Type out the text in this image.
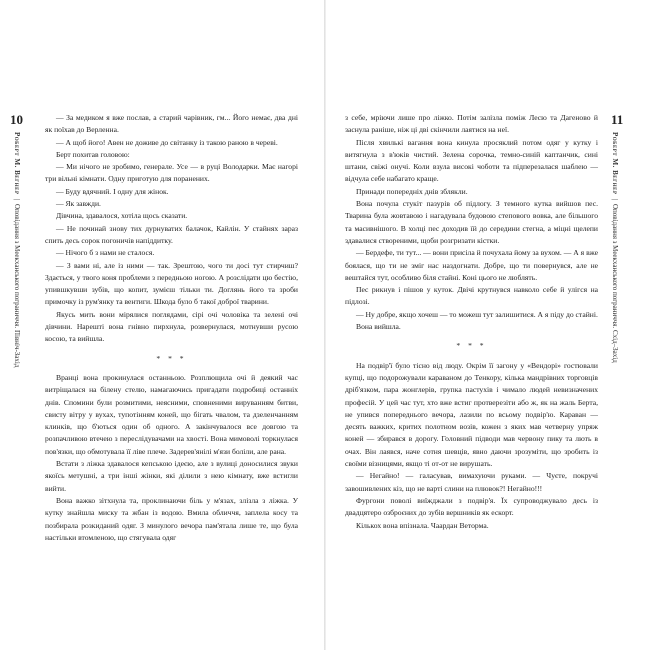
10
Роберт М. Вегнер|Оповідання з Меекханського пограниччя. Північ-Захід

— За медиком я вже послав, а старий чарівник, гм... Його немає, два дні як поїхав до Верленна.

— А щоб його! Авен не доживе до світанку із такою раною в череві.

Берт похитав головою:

— Ми нічого не зробимо, генерале. Усе — в руці Володарки. Має нагорі три вільні кімнати. Одну приготую для поранених.

— Буду вдячний. І одну для жінок.

— Як завжди.

Дівчина, здавалося, хотіла щось сказати.

— Не починай знову тих дурнуватих балачок, Кайлін. У стайнях зараз спить десь сорок погоничів напіддитку.

— Нічого б з нами не сталося.

— З вами ні, але із ними — так. Зрештою, чого ти досі тут стирчиш? Здається, у твого коня проблеми з передньою ногою. А розслідати цю бестію, упившкувши зубів, що копит, зумієш тільки ти. Доглянь його та зроби примочку із рум'янку та вентиги. Шкода було б такої доброї тварини.

Якусь мить вони мірялися поглядами, сірі очі чоловіка та зелені очі дівчини. Нарешті вона гнівно пирхнула, розвернулася, мотнувши русою косою, та вийшла.

* * *

Вранці вона прокинулася останньою. Розплющила очі й деякий час витріщалася на білену стелю, намагаючись пригадати подробиці останніх днів. Спомини були розмитими, неясними, сповненими вируванням битви, свисту вітру у вухах, тупотінням коней, що бігать чвалом, та дзеленчанням клинків, що б'ються один об одного. А закінчувалося все довгою та розпачливою втечею з переслідувачами на хвості. Вона мимоволі торкнулася пов'язки, що обмотувала її ліве плече. Задерев'янілі м'язи боліли, але рана.

Встати з ліжка здавалося кепською ідеєю, але з вулиці доносилися звуки якоїсь метушні, а три інші жінки, які ділили з нею кімнату, вже встигли вийти.

Вона важко зітхнула та, проклинаючи біль у м'язах, злізла з ліжка. У кутку знайшла миску та жбан із водою. Вмила обличчя, заплела косу та позбирала розкиданий одяг. З минулого вечора пам'ятала лише те, що була настільки втомленою, що стягувала одяг

11
Роберт М. Вегнер|Оповідання з Меекханського пограниччя. Схід–Захід

з себе, мріючи лише про ліжко. Потім залізла поміж Лесю та Дагеново й заснула раніше, ніж ці дві скінчили лаятися на неї.

Після хвилькі вагання вона кинула просяклий потом одяг у кутку і витягнула з в'юків чистий. Зелена сорочка, темно-синій каптанчик, сині штани, свіжі онучі. Коли взула високі чоботи та підперезалася шаблею — відчула себе набагато краще.

Принади попередніх днів зблякли.

Вона почула стукіт пазурів об підлогу. З темного кутка вийшов пес. Тварина була жовтавою і нагадувала будовою степового вовка, але більшого та масивнішого. В холці пес доходив їй до середини стегна, а міцні щелепи здавалися створеними, щоби розгризати кістки.

— Бердефе, ти тут... — вони присіла й почухала йому за вухом. — А я вже боялася, що ти не зміг нас наздогнати. Добре, що ти повернувся, але не вештайся тут, особливо біля стайні. Коні цього не люблять.

Пес рикнув і пішов у куток. Двічі крутнувся навколо себе й улігся на підлозі.

— Ну добре, якщо хочеш — то можеш тут залишитися. А я піду до стайні.

Вона вийшла.

* * *

На подвір'ї було тісно від люду. Окрім її загону у «Вендорі» гостювали купці, що подорожували караваном до Тенкору, кілька мандрівних торговців дріб'язком, пара жонглерів, групка пастухів і чимало людей невизначених професій. У цей час тут, хто вже встиг протверезіти або ж, як на жаль Берта, не упився попереднього вечора, лазили по всьому подвір'ю. Караван — десять важких, критих полотном возів, кожен з яких мав четверну упряж коней — збирався в дорогу. Головний підводи мав червону пику та лють в очах. Він лаявся, наче сотня шевців, явно даючи зрозуміти, що зробить із своїми візницями, якщо ті от-от не вирушать.

— Негайно! — галасував, вимахуючи руками. — Чуєте, покручі завошивлених кіз, що не варті слини на плювок?! Негайно!!!

Фургони поволі виїжджали з подвір'я. Їх супроводжувало десь із двадцятеро озброєних до зубів вершників як ескорт.

Кількох вона впізнала. Чаардан Ветормa.
